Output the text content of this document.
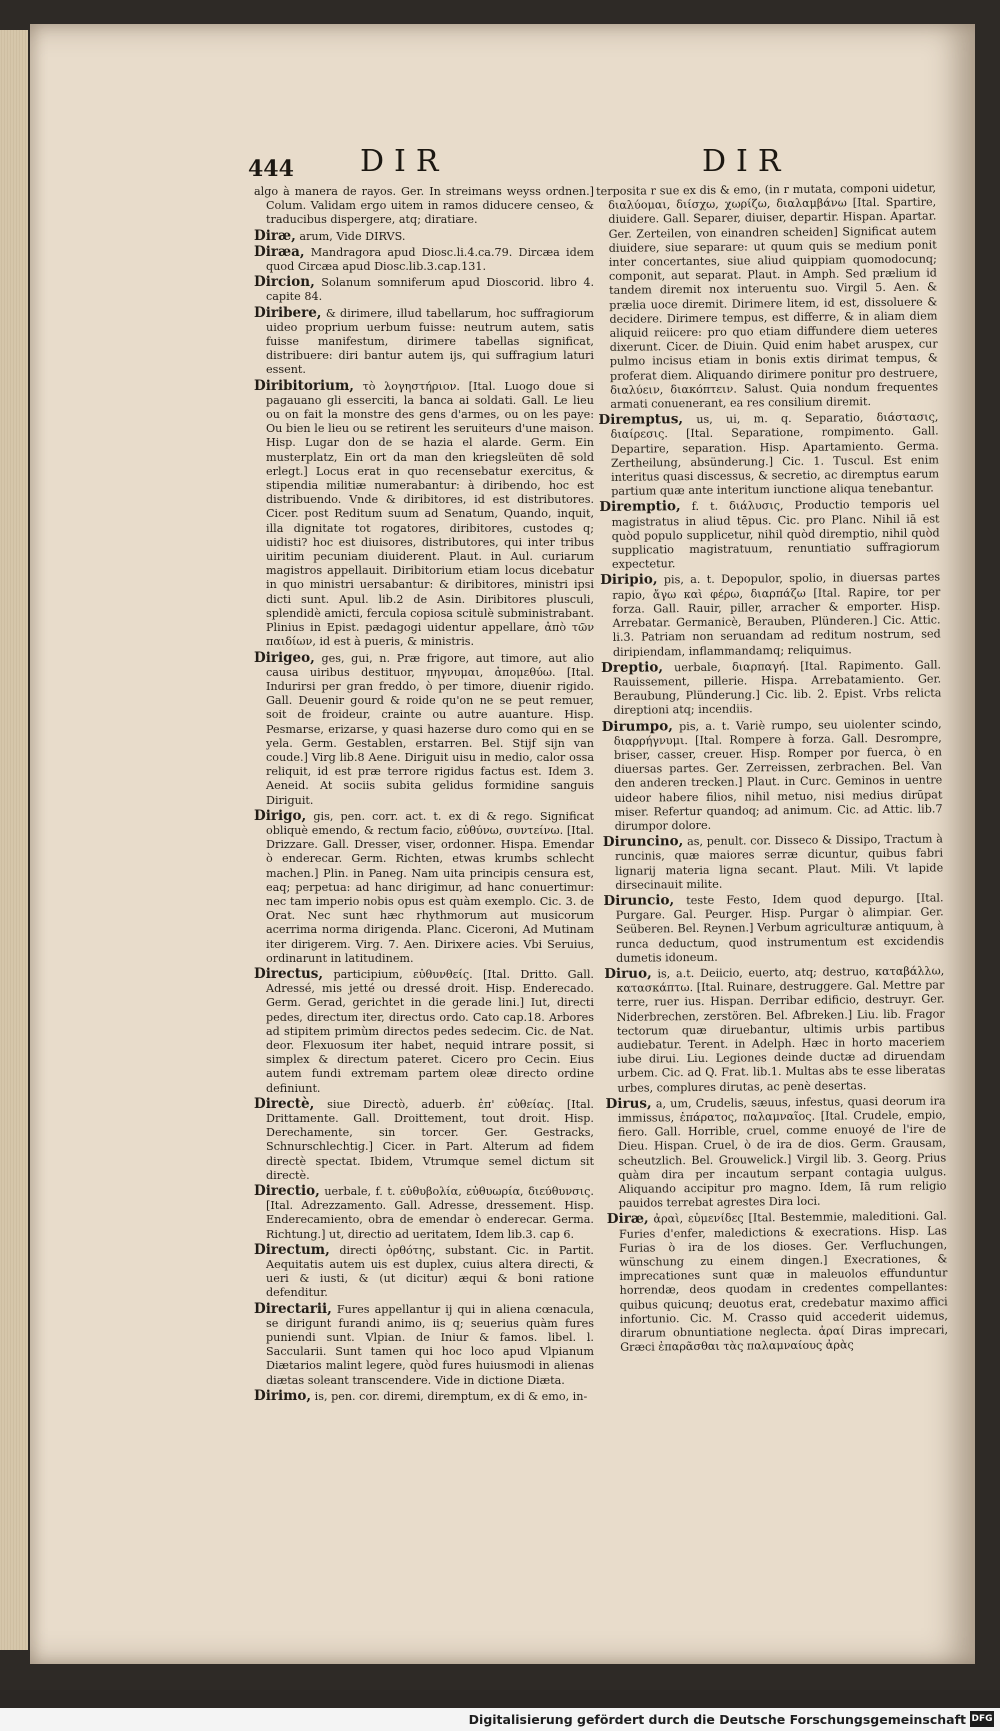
444 DIR	DIR
algo à manera de rayos. Ger. In streimans weyss ordnen.] Colum. Validam ergo uitem in ramos diducere censeo, & traducibus dispergere, atq; diratiare.
Diræ, arum, Vide DIRVS.
Diræa, Mandragora apud Diosc.li.4.ca.79. Dircæa idem quod Circæa apud Diosc.lib.3.cap.131.
Dircion, Solanum somniferum apud Dioscorid. libro 4. capite 84.
Diribere, & dirimere, illud tabellarum, hoc suffragiorum uideo proprium uerbum fuisse: neutrum autem, satis fuisse manifestum, dirimere tabellas significat, distribuere: diri bantur autem ijs, qui suffragium laturi essent.
Diribitorium, τὸ λογηστήριον. [Ital. Luogo doue si pagauano gli esserciti, la banca ai soldati. Gall. Le lieu ou on fait la monstre des gens d'armes, ou on les paye: Ou bien le lieu ou se retirent les seruiteurs d'une maison. Hisp. Lugar don de se hazia el alarde. Germ. Ein musterplatz, Ein ort da man den kriegsleüten dē sold erlegt.] Locus erat in quo recensebatur exercitus, & stipendia militiæ numerabantur: à diribendo, hoc est distribuendo. Vnde & diribitores, id est distributores. Cicer. post Reditum suum ad Senatum, Quando, inquit, illa dignitate tot rogatores, diribitores, custodes q; uidisti? hoc est diuisores, distributores, qui inter tribus uiritim pecuniam diuiderent. Plaut. in Aul. curiarum magistros appellauit. Diribitorium etiam locus dicebatur in quo ministri uersabantur: & diribitores, ministri ipsi dicti sunt. Apul. lib.2 de Asin. Diribitores plusculi, splendidè amicti, fercula copiosa scitulè subministrabant. Plinius in Epist. pædagogi uidentur appellare, ἀπὸ τῶν παιδίων, id est à pueris, & ministris.
Dirigeo, ges, gui, n. Præ frigore, aut timore, aut alio causa uiribus destituor, πηγνυμαι, ἀπομεθύω. [Ital. Indurirsi per gran freddo, ò per timore, diuenir rigido. Gall. Deuenir gourd & roide qu'on ne se peut remuer, soit de froideur, crainte ou autre auanture. Hisp. Pesmarse, erizarse, y quasi hazerse duro como qui en se yela. Germ. Gestablen, erstarren. Bel. Stijf sijn van coude.] Virg lib.8 Aene. Diriguit uisu in medio, calor ossa reliquit, id est præ terrore rigidus factus est. Idem 3. Aeneid. At sociis subita gelidus formidine sanguis Diriguit.
Dirigo, gis, pen. corr. act. t. ex di & rego. Significat obliquè emendo, & rectum facio, εὐθύνω, συντείνω. [Ital. Drizzare. Gall. Dresser, viser, ordonner. Hispa. Emendar ò enderecar. Germ. Richten, etwas krumbs schlecht machen.] Plin. in Paneg. Nam uita principis censura est, eaq; perpetua: ad hanc dirigimur, ad hanc conuertimur: nec tam imperio nobis opus est quàm exemplo. Cic. 3. de Orat. Nec sunt hæc rhythmorum aut musicorum acerrima norma dirigenda. Planc. Ciceroni, Ad Mutinam iter dirigerem. Virg. 7. Aen. Dirixere acies. Vbi Seruius, ordinarunt in latitudinem.
Directus, participium, εὐθυνθείς. [Ital. Dritto. Gall. Adressé, mis jetté ou dressé droit. Hisp. Enderecado. Germ. Gerad, gerichtet in die gerade lini.] Iut, directi pedes, directum iter, directus ordo. Cato cap.18. Arbores ad stipitem primùm directos pedes sedecim. Cic. de Nat. deor. Flexuosum iter habet, nequid intrare possit, si simplex & directum pateret. Cicero pro Cecin. Eius autem fundi extremam partem oleæ directo ordine definiunt.
Directè, siue Directò, aduerb. ἐπ' εὐθείας. [Ital. Drittamente. Gall. Droittement, tout droit. Hisp. Derechamente, sin torcer. Ger. Gestracks, Schnurschlechtig.] Cicer. in Part. Alterum ad fidem directè spectat. Ibidem, Vtrumque semel dictum sit directè.
Directio, uerbale, f. t. εὐθυβολία, εὐθυωρία, διεύθυνσις. [Ital. Adrezzamento. Gall. Adresse, dressement. Hisp. Enderecamiento, obra de emendar ò enderecar. Germa. Richtung.] ut, directio ad ueritatem, Idem lib.3. cap 6.
Directum, directi ὀρθότης, substant. Cic. in Partit. Aequitatis autem uis est duplex, cuius altera directi, & ueri & iusti, & (ut dicitur) æqui & boni ratione defenditur.
Directarii, Fures appellantur ij qui in aliena cœnacula, se dirigunt furandi animo, iis q; seuerius quàm fures puniendi sunt. Vlpian. de Iniur & famos. libel. l. Saccularii. Sunt tamen qui hoc loco apud Vlpianum Diætarios malint legere, quòd fures huiusmodi in alienas diætas soleant transcendere. Vide in dictione Diæta.
Dirimo, is, pen. cor. diremi, diremptum, ex di & emo, in-
terposita r sue ex dis & emo, (in r mutata, componi uidetur, διαλύομαι, διίσχω, χωρίζω, διαλαμβάνω [Ital. Spartire, diuidere. Gall. Separer, diuiser, departir. Hispan. Apartar. Ger. Zerteilen, von einandren scheiden] Significat autem diuidere, siue separare: ut quum quis se medium ponit inter concertantes, siue aliud quippiam quomodocunq; componit, aut separat. Plaut. in Amph. Sed prælium id tandem diremit nox interuentu suo. Virgil 5. Aen. & prælia uoce diremit. Dirimere litem, id est, dissoluere & decidere. Dirimere tempus, est differre, & in aliam diem aliquid reiicere: pro quo etiam diffundere diem ueteres dixerunt. Cicer. de Diuin. Quid enim habet aruspex, cur pulmo incisus etiam in bonis extis dirimat tempus, & proferat diem. Aliquando dirimere ponitur pro destruere, διαλύειν, διακόπτειν. Salust. Quia nondum frequentes armati conuenerant, ea res consilium diremit.
Diremptus, us, ui, m. q. Separatio, διάστασις, διαίρεσις. [Ital. Separatione, rompimento. Gall. Departire, separation. Hisp. Apartamiento. Germa. Zertheilung, absünderung.] Cic. 1. Tuscul. Est enim interitus quasi discessus, & secretio, ac diremptus earum partium quæ ante interitum iunctione aliqua tenebantur.
Diremptio, f. t. διάλυσις, Productio temporis uel magistratus in aliud tēpus. Cic. pro Planc. Nihil iā est quòd populo supplicetur, nihil quòd diremptio, nihil quòd supplicatio magistratuum, renuntiatio suffragiorum expectetur.
Diripio, pis, a. t. Depopulor, spolio, in diuersas partes rapio, ἄγω καὶ φέρω, διαρπάζω [Ital. Rapire, tor per forza. Gall. Rauir, piller, arracher & emporter. Hisp. Arrebatar. Germanicè, Berauben, Plünderen.] Cic. Attic. li.3. Patriam non seruandam ad reditum nostrum, sed diripiendam, inflammandamq; reliquimus.
Dreptio, uerbale, διαρπαγή. [Ital. Rapimento. Gall. Rauissement, pillerie. Hispa. Arrebatamiento. Ger. Beraubung, Plünderung.] Cic. lib. 2. Epist. Vrbs relicta direptioni atq; incendiis.
Dirumpo, pis, a. t. Variè rumpo, seu uiolenter scindo, διαρρήγνυμι. [Ital. Rompere à forza. Gall. Desrompre, briser, casser, creuer. Hisp. Romper por fuerca, ò en diuersas partes. Ger. Zerreissen, zerbrachen. Bel. Van den anderen trecken.] Plaut. in Curc. Geminos in uentre uideor habere filios, nihil metuo, nisi medius dirūpat miser. Refertur quandoq; ad animum. Cic. ad Attic. lib.7 dirumpor dolore.
Diruncino, as, penult. cor. Disseco & Dissipo, Tractum à runcinis, quæ maiores serræ dicuntur, quibus fabri lignarij materia ligna secant. Plaut. Mili. Vt lapide dirsecinauit milite.
Diruncio, teste Festo, Idem quod depurgo. [Ital. Purgare. Gal. Peurger. Hisp. Purgar ò alimpiar. Ger. Seüberen. Bel. Reynen.] Verbum agriculturæ antiquum, à runca deductum, quod instrumentum est excidendis dumetis idoneum.
Diruo, is, a.t. Deiicio, euerto, atq; destruo, καταβάλλω, κατασκάπτω. [Ital. Ruinare, destruggere. Gal. Mettre par terre, ruer ius. Hispan. Derribar edificio, destruyr. Ger. Niderbrechen, zerstören. Bel. Afbreken.] Liu. lib. Fragor tectorum quæ diruebantur, ultimis urbis partibus audiebatur. Terent. in Adelph. Hæc in horto maceriem iube dirui. Liu. Legiones deinde ductæ ad diruendam urbem. Cic. ad Q. Frat. lib.1. Multas abs te esse liberatas urbes, complures dirutas, ac penè desertas.
Dirus, a, um, Crudelis, sæuus, infestus, quasi deorum ira immissus, ἐπάρατος, παλαμναῖος. [Ital. Crudele, empio, fiero. Gall. Horrible, cruel, comme enuoyé de l'ire de Dieu. Hispan. Cruel, ò de ira de dios. Germ. Grausam, scheutzlich. Bel. Grouwelick.] Virgil lib. 3. Georg. Prius quàm dira per incautum serpant contagia uulgus. Aliquando accipitur pro magno. Idem, Iā rum religio pauidos terrebat agrestes Dira loci.
Diræ, ἀραὶ, εὐμενίδες [Ital. Bestemmie, maleditioni. Gal. Furies d'enfer, maledictions & execrations. Hisp. Las Furias ò ira de los dioses. Ger. Verfluchungen, wünschung zu einem dingen.] Execrationes, & imprecationes sunt quæ in maleuolos effunduntur horrendæ, deos quodam in credentes compellantes: quibus quicunq; deuotus erat, credebatur maximo affici infortunio. Cic. M. Crasso quid accederit uidemus, dirarum obnuntiatione neglecta. ἀραί Diras imprecari, Græci ἐπαρᾶσθαι τὰς παλαμναίους ἀρὰς
Digitalisierung gefördert durch die Deutsche Forschungsgemeinschaft DFG
